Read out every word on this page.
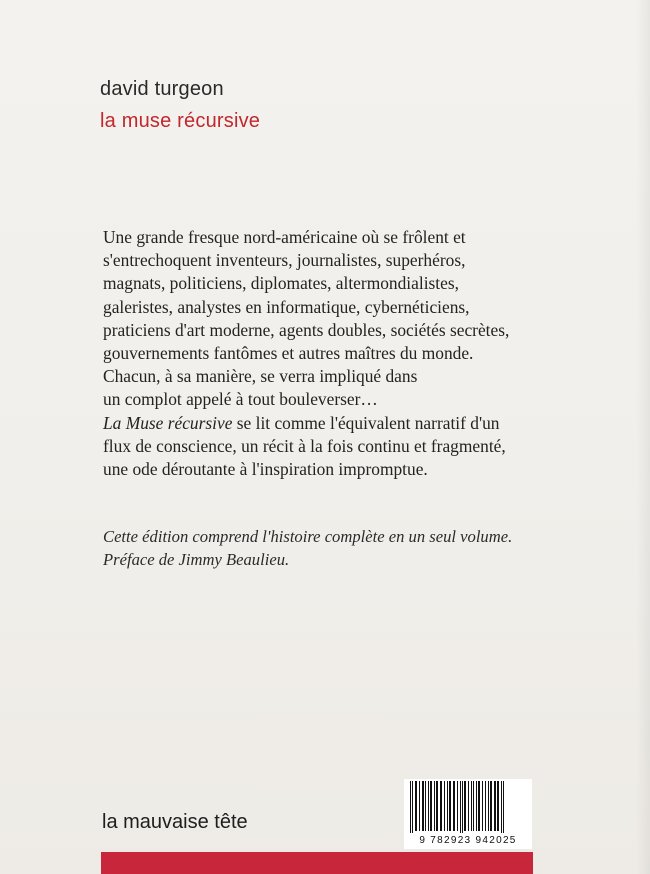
david turgeon
la muse récursive
Une grande fresque nord-américaine où se frôlent et
s'entrechoquent inventeurs, journalistes, superhéros,
magnats, politiciens, diplomates, altermondialistes,
galeristes, analystes en informatique, cybernéticiens,
praticiens d'art moderne, agents doubles, sociétés secrètes,
gouvernements fantômes et autres maîtres du monde.
Chacun, à sa manière, se verra impliqué dans
un complot appelé à tout bouleverser…
La Muse récursive se lit comme l'équivalent narratif d'un
flux de conscience, un récit à la fois continu et fragmenté,
une ode déroutante à l'inspiration impromptue.
Cette édition comprend l'histoire complète en un seul volume.
Préface de Jimmy Beaulieu.
la mauvaise tête
9 782923 942025
